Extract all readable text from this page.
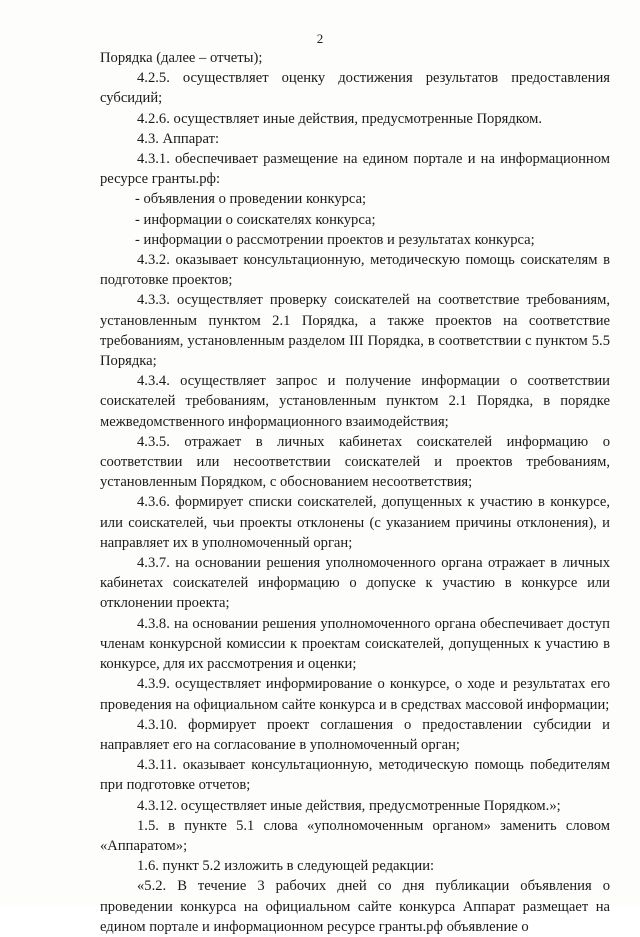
2

Порядка (далее – отчеты);

4.2.5. осуществляет оценку достижения результатов предоставления субсидий;

4.2.6. осуществляет иные действия, предусмотренные Порядком.

4.3. Аппарат:

4.3.1. обеспечивает размещение на едином портале и на информационном ресурсе гранты.рф:

- объявления о проведении конкурса;

- информации о соискателях конкурса;

- информации о рассмотрении проектов и результатах конкурса;

4.3.2. оказывает консультационную, методическую помощь соискателям в подготовке проектов;

4.3.3. осуществляет проверку соискателей на соответствие требованиям, установленным пунктом 2.1 Порядка, а также проектов на соответствие требованиям, установленным разделом III Порядка, в соответствии с пунктом 5.5 Порядка;

4.3.4. осуществляет запрос и получение информации о соответствии соискателей требованиям, установленным пунктом 2.1 Порядка, в порядке межведомственного информационного взаимодействия;

4.3.5. отражает в личных кабинетах соискателей информацию о соответствии или несоответствии соискателей и проектов требованиям, установленным Порядком, с обоснованием несоответствия;

4.3.6. формирует списки соискателей, допущенных к участию в конкурсе, или соискателей, чьи проекты отклонены (с указанием причины отклонения), и направляет их в уполномоченный орган;

4.3.7. на основании решения уполномоченного органа отражает в личных кабинетах соискателей информацию о допуске к участию в конкурсе или отклонении проекта;

4.3.8. на основании решения уполномоченного органа обеспечивает доступ членам конкурсной комиссии к проектам соискателей, допущенных к участию в конкурсе, для их рассмотрения и оценки;

4.3.9. осуществляет информирование о конкурсе, о ходе и результатах его проведения на официальном сайте конкурса и в средствах массовой информации;

4.3.10. формирует проект соглашения о предоставлении субсидии и направляет его на согласование в уполномоченный орган;

4.3.11. оказывает консультационную, методическую помощь победителям при подготовке отчетов;

4.3.12. осуществляет иные действия, предусмотренные Порядком.»;

1.5. в пункте 5.1 слова «уполномоченным органом» заменить словом «Аппаратом»;

1.6. пункт 5.2 изложить в следующей редакции:

«5.2. В течение 3 рабочих дней со дня публикации объявления о проведении конкурса на официальном сайте конкурса Аппарат размещает на едином портале и информационном ресурсе гранты.рф объявление о
